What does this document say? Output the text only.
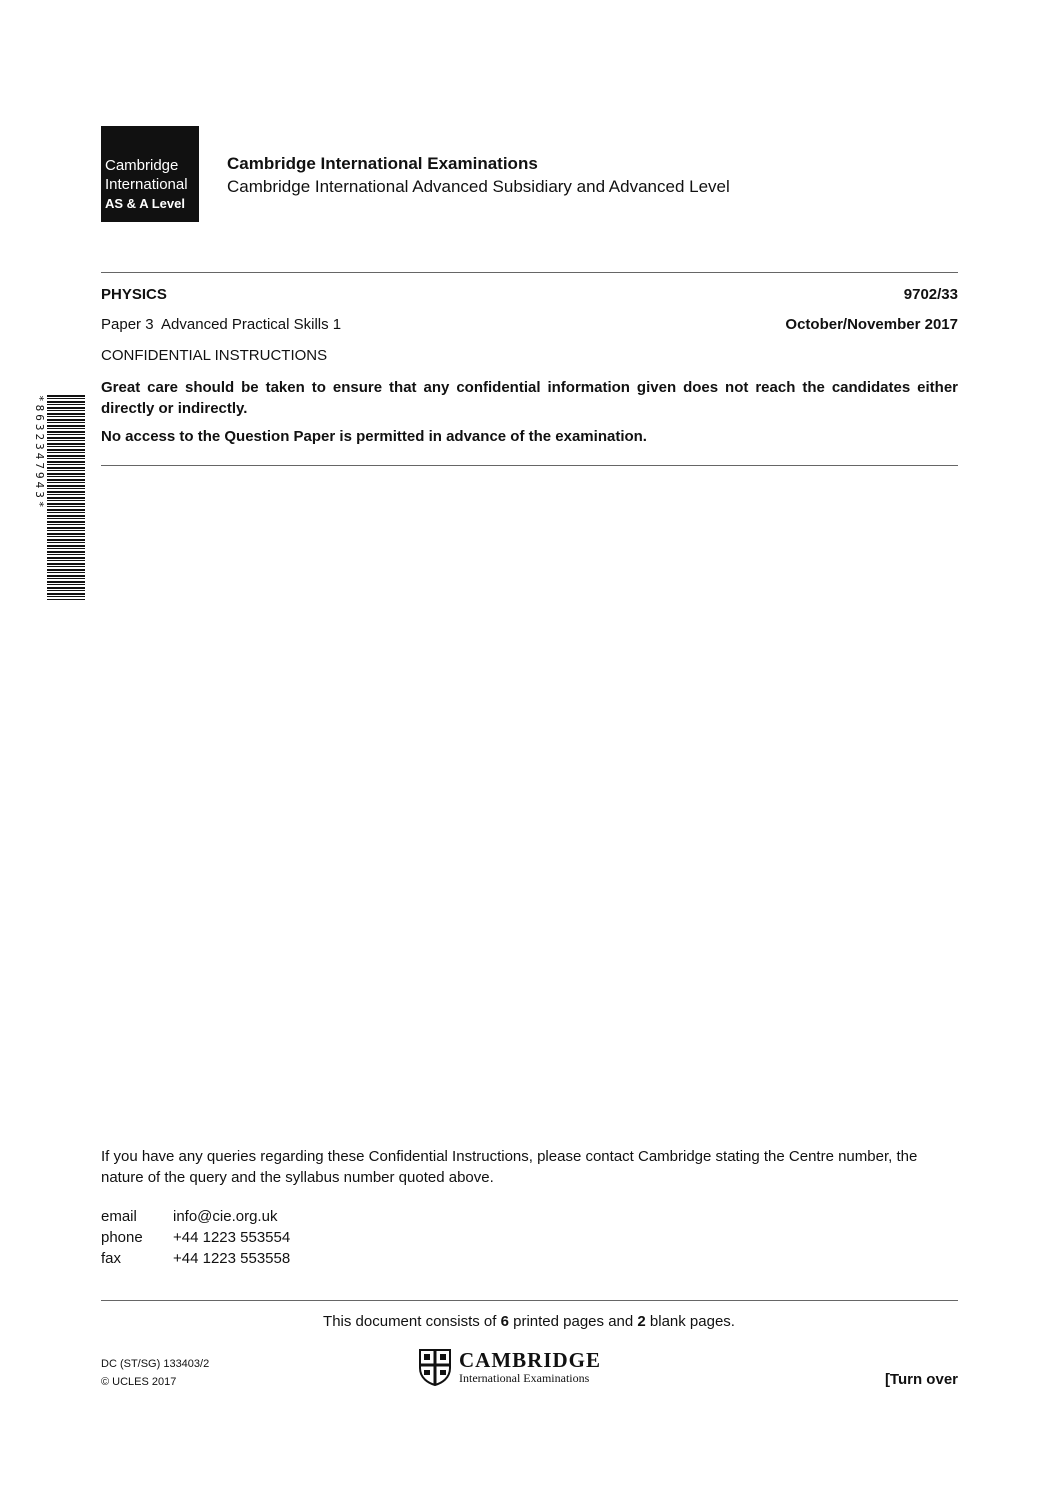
Cambridge
International
AS & A Level
Cambridge International Examinations
Cambridge International Advanced Subsidiary and Advanced Level
PHYSICS	9702/33
Paper 3  Advanced Practical Skills 1	October/November 2017
CONFIDENTIAL INSTRUCTIONS
Great care should be taken to ensure that any confidential information given does not reach the candidates either directly or indirectly.
No access to the Question Paper is permitted in advance of the examination.
*8632347943*
If you have any queries regarding these Confidential Instructions, please contact Cambridge stating the Centre number, the nature of the query and the syllabus number quoted above.
email	info@cie.org.uk
phone	+44 1223 553554
fax	+44 1223 553558
This document consists of 6 printed pages and 2 blank pages.
DC (ST/SG) 133403/2
© UCLES 2017
CAMBRIDGE
International Examinations	[Turn over
